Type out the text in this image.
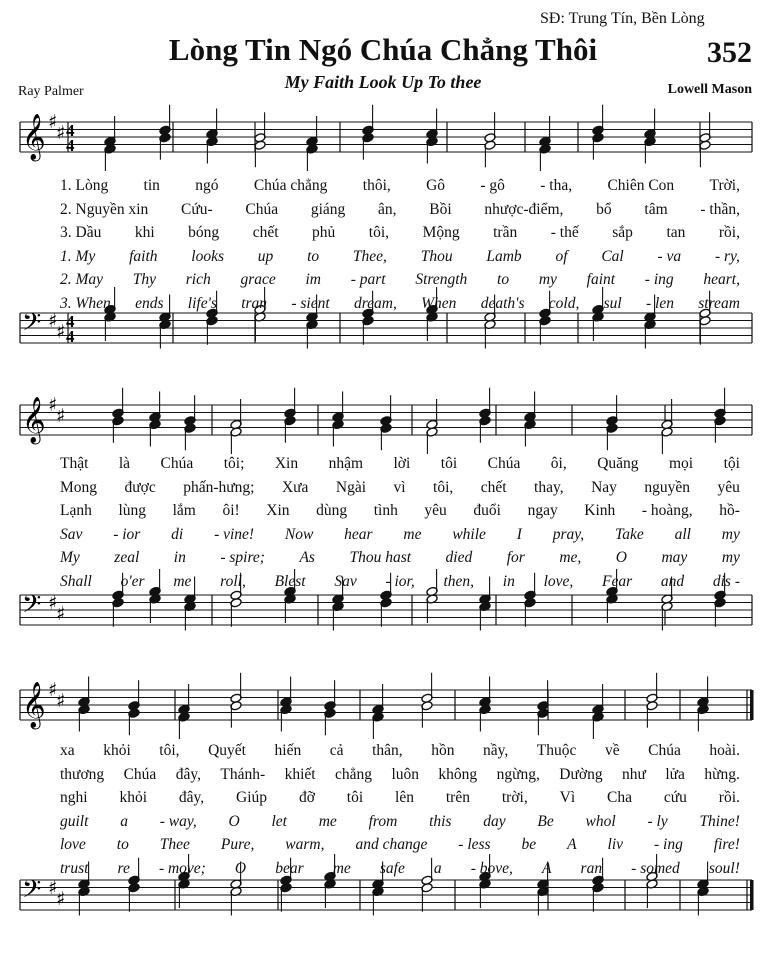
SĐ: Trung Tín, Bền Lòng
Lòng Tin Ngó Chúa Chẳng Thôi	352
My Faith Look Up To thee
Ray Palmer	Lowell Mason
𝄞 ♯
♯ 4
4
𝄢 ♯
♯ 4
4
𝄞 ♯
♯
𝄢 ♯
♯
𝄞 ♯
♯
𝄢 ♯
♯
1. Lòng tin ngó Chúa chẳng thôi, Gô - gô - tha, Chiên Con Trời,
2. Nguyền xin Cứu- Chúa giáng ân, Bồi nhược-điểm, bổ tâm - thần,
3. Dầu khi bóng chết phủ tôi, Mộng trần - thế sắp tan rồi,
1. My faith looks up to Thee, Thou Lamb of Cal - va - ry,
2. May Thy rich grace im - part Strength to my faint - ing heart,
3. When ends life's tran - sient dream, When death's cold, sul - len stream
Thật là Chúa tôi; Xin nhậm lời tôi Chúa ôi, Quăng mọi tội
Mong được phấn-hưng; Xưa Ngài vì tôi, chết thay, Nay nguyền yêu
Lạnh lùng lắm ôi! Xin dùng tình yêu đuổi ngay Kinh - hoàng, hồ-
Sav - ior di - vine! Now hear me while I pray, Take all my
My zeal in - spire; As Thou hast died for me, O may my
Shall o'er me roll, Blest Sav - ior, then, in love, Fear and dis -
xa khỏi tôi, Quyết hiến cả thân, hồn nầy, Thuộc về Chúa hoài.
thương Chúa đây, Thánh- khiết chẳng luôn không ngừng, Dường như lửa hừng.
nghi khỏi đây, Giúp đỡ tôi lên trên trời, Vì Cha cứu rồi.
guilt a - way, O let me from this day Be whol - ly Thine!
love to Thee Pure, warm, and change - less be A liv - ing fire!
trust re - move; O bear me safe a - bove, A ran - somed soul!
